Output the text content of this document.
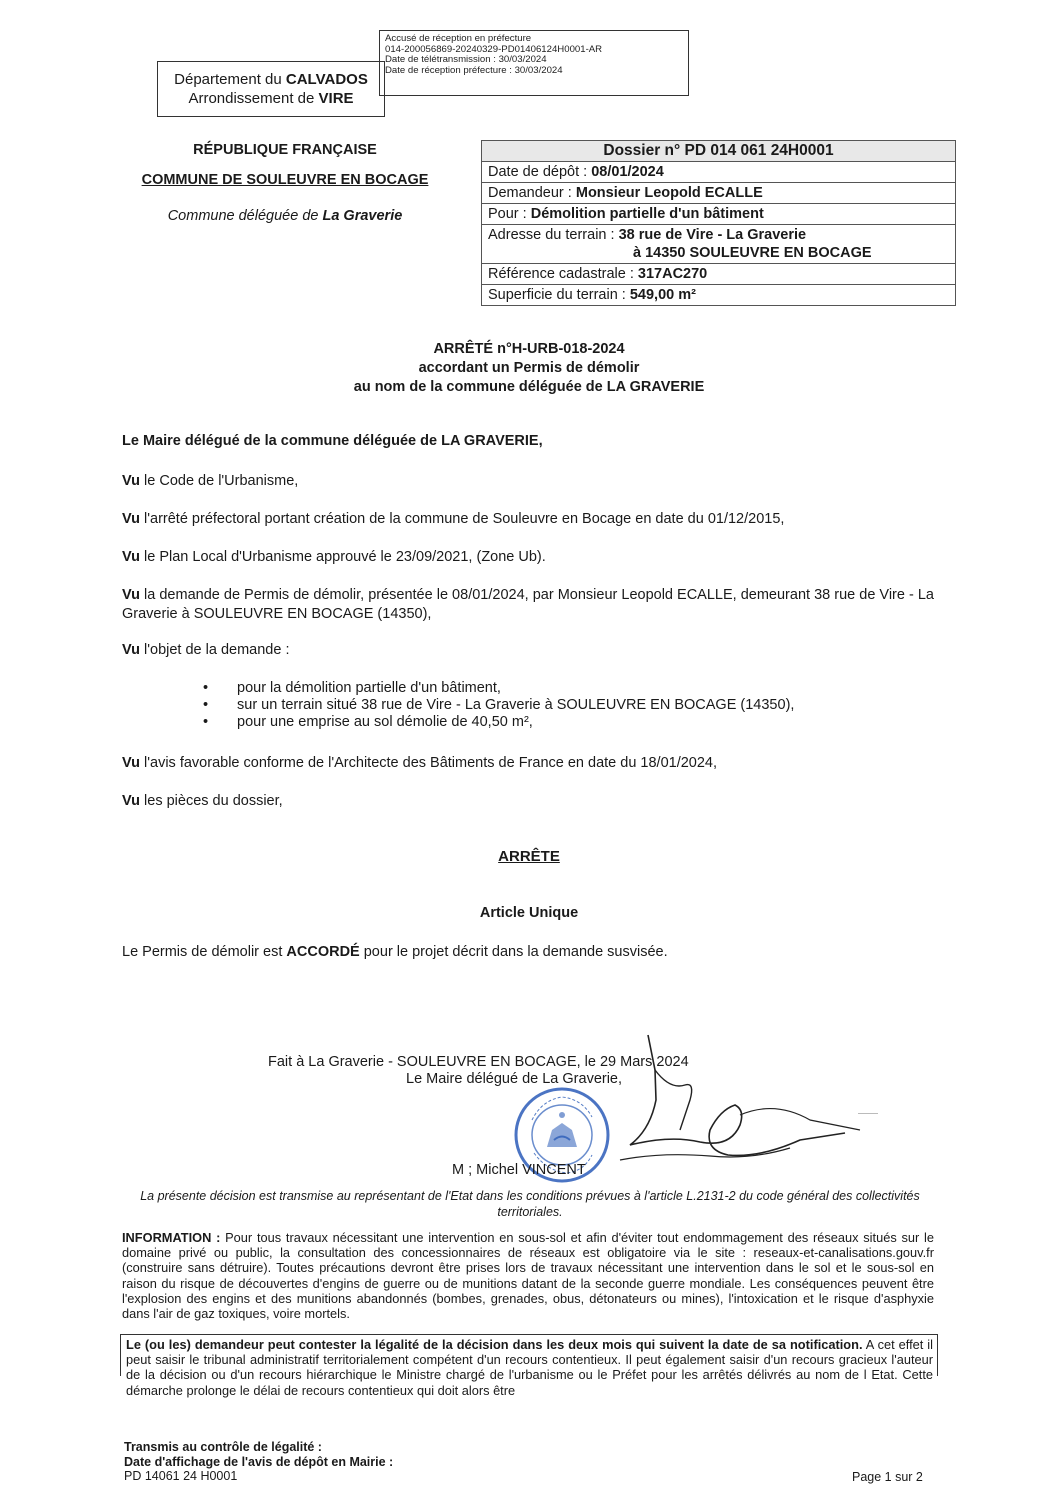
Accusé de réception en préfecture
014-200056869-20240329-PD01406124H0001-AR
Date de télétransmission : 30/03/2024
Date de réception préfecture : 30/03/2024
Département du CALVADOS
Arrondissement de VIRE
RÉPUBLIQUE FRANÇAISE
COMMUNE DE SOULEUVRE EN BOCAGE
Commune déléguée de La Graverie
Dossier n° PD 014 061 24H0001
Date de dépôt : 08/01/2024
Demandeur : Monsieur Leopold ECALLE
Pour : Démolition partielle d'un bâtiment
Adresse du terrain : 38 rue de Vire - La Graverie
à 14350 SOULEUVRE EN BOCAGE
Référence cadastrale : 317AC270
Superficie du terrain : 549,00 m²
ARRÊTÉ n°H-URB-018-2024
accordant un Permis de démolir
au nom de la commune déléguée de LA GRAVERIE
Le Maire délégué de la commune déléguée de LA GRAVERIE,
Vu le Code de l'Urbanisme,
Vu l'arrêté préfectoral portant création de la commune de Souleuvre en Bocage en date du 01/12/2015,
Vu le Plan Local d'Urbanisme approuvé le 23/09/2021, (Zone Ub).
Vu la demande de Permis de démolir, présentée le 08/01/2024, par Monsieur Leopold ECALLE, demeurant 38 rue de Vire - La Graverie à SOULEUVRE EN BOCAGE (14350),
Vu l'objet de la demande :
• pour la démolition partielle d'un bâtiment,
• sur un terrain situé 38 rue de Vire - La Graverie à SOULEUVRE EN BOCAGE (14350),
• pour une emprise au sol démolie de 40,50 m²,
Vu l'avis favorable conforme de l'Architecte des Bâtiments de France en date du 18/01/2024,
Vu les pièces du dossier,
ARRÊTE
Article Unique
Le Permis de démolir est ACCORDÉ pour le projet décrit dans la demande susvisée.
Fait à La Graverie - SOULEUVRE EN BOCAGE, le 29 Mars 2024
Le Maire délégué de La Graverie,
M ; Michel VINCENT
La présente décision est transmise au représentant de l'Etat dans les conditions prévues à l'article L.2131-2 du code général des collectivités territoriales.
INFORMATION : Pour tous travaux nécessitant une intervention en sous-sol et afin d'éviter tout endommagement des réseaux situés sur le domaine privé ou public, la consultation des concessionnaires de réseaux est obligatoire via le site : reseaux-et-canalisations.gouv.fr (construire sans détruire). Toutes précautions devront être prises lors de travaux nécessitant une intervention dans le sol et le sous-sol en raison du risque de découvertes d'engins de guerre ou de munitions datant de la seconde guerre mondiale. Les conséquences peuvent être l'explosion des engins et des munitions abandonnés (bombes, grenades, obus, détonateurs ou mines), l'intoxication et le risque d'asphyxie dans l'air de gaz toxiques, voire mortels.
Le (ou les) demandeur peut contester la légalité de la décision dans les deux mois qui suivent la date de sa notification. A cet effet il peut saisir le tribunal administratif territorialement compétent d'un recours contentieux. Il peut également saisir d'un recours gracieux l'auteur de la décision ou d'un recours hiérarchique le Ministre chargé de l'urbanisme ou le Préfet pour les arrêtés délivrés au nom de l Etat. Cette démarche prolonge le délai de recours contentieux qui doit alors être
Transmis au contrôle de légalité :
Date d'affichage de l'avis de dépôt en Mairie :
PD 14061 24 H0001	Page 1 sur 2
